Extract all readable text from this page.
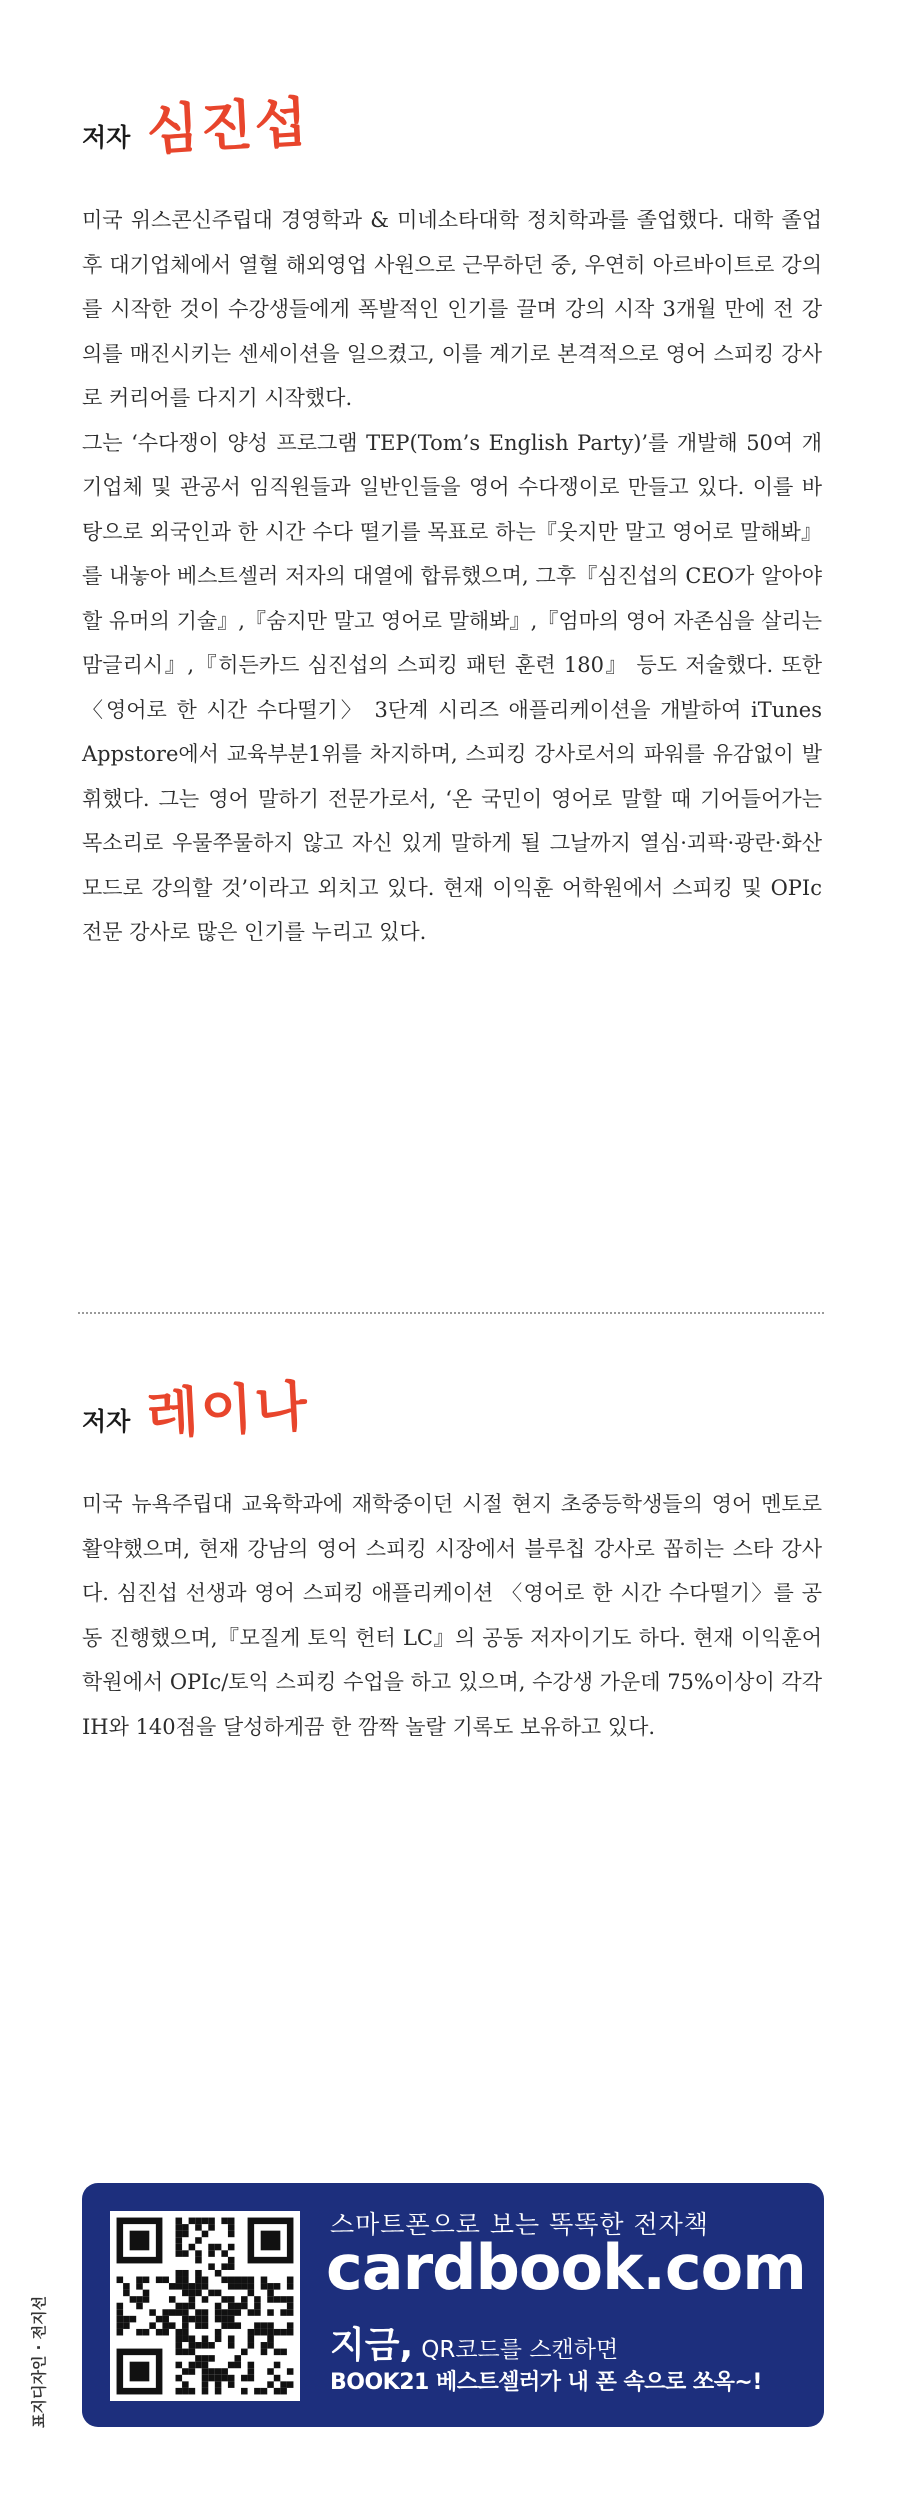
저자 심진섭

미국 위스콘신주립대 경영학과 & 미네소타대학 정치학과를 졸업했다. 대학 졸업 후 대기업체에서 열혈 해외영업 사원으로 근무하던 중, 우연히 아르바이트로 강의를 시작한 것이 수강생들에게 폭발적인 인기를 끌며 강의 시작 3개월 만에 전 강의를 매진시키는 센세이션을 일으켰고, 이를 계기로 본격적으로 영어 스피킹 강사로 커리어를 다지기 시작했다.

그는 ‘수다쟁이 양성 프로그램 TEP(Tom’s English Party)’를 개발해 50여 개 기업체 및 관공서 임직원들과 일반인들을 영어 수다쟁이로 만들고 있다. 이를 바탕으로 외국인과 한 시간 수다 떨기를 목표로 하는『웃지만 말고 영어로 말해봐』를 내놓아 베스트셀러 저자의 대열에 합류했으며, 그후『심진섭의 CEO가 알아야 할 유머의 기술』,『숨지만 말고 영어로 말해봐』,『엄마의 영어 자존심을 살리는 맘글리시』,『히든카드 심진섭의 스피킹 패턴 훈련 180』 등도 저술했다. 또한 〈영어로 한 시간 수다떨기〉 3단계 시리즈 애플리케이션을 개발하여 iTunes Appstore에서 교육부분1위를 차지하며, 스피킹 강사로서의 파워를 유감없이 발휘했다. 그는 영어 말하기 전문가로서, ‘온 국민이 영어로 말할 때 기어들어가는 목소리로 우물쭈물하지 않고 자신 있게 말하게 될 그날까지 열심·괴팍·광란·화산 모드로 강의할 것’이라고 외치고 있다. 현재 이익훈 어학원에서 스피킹 및 OPIc 전문 강사로 많은 인기를 누리고 있다.

저자 레이나

미국 뉴욕주립대 교육학과에 재학중이던 시절 현지 초중등학생들의 영어 멘토로 활약했으며, 현재 강남의 영어 스피킹 시장에서 블루칩 강사로 꼽히는 스타 강사다. 심진섭 선생과 영어 스피킹 애플리케이션 〈영어로 한 시간 수다떨기〉를 공동 진행했으며,『모질게 토익 헌터 LC』의 공동 저자이기도 하다. 현재 이익훈어학원에서 OPIc/토익 스피킹 수업을 하고 있으며, 수강생 가운데 75%이상이 각각 IH와 140점을 달성하게끔 한 깜짝 놀랄 기록도 보유하고 있다.

스마트폰으로 보는 똑똑한 전자책
cardbook.com
지금, QR코드를 스캔하면
BOOK21 베스트셀러가 내 폰 속으로 쏘옥~!
표지디자인 · 전지선
